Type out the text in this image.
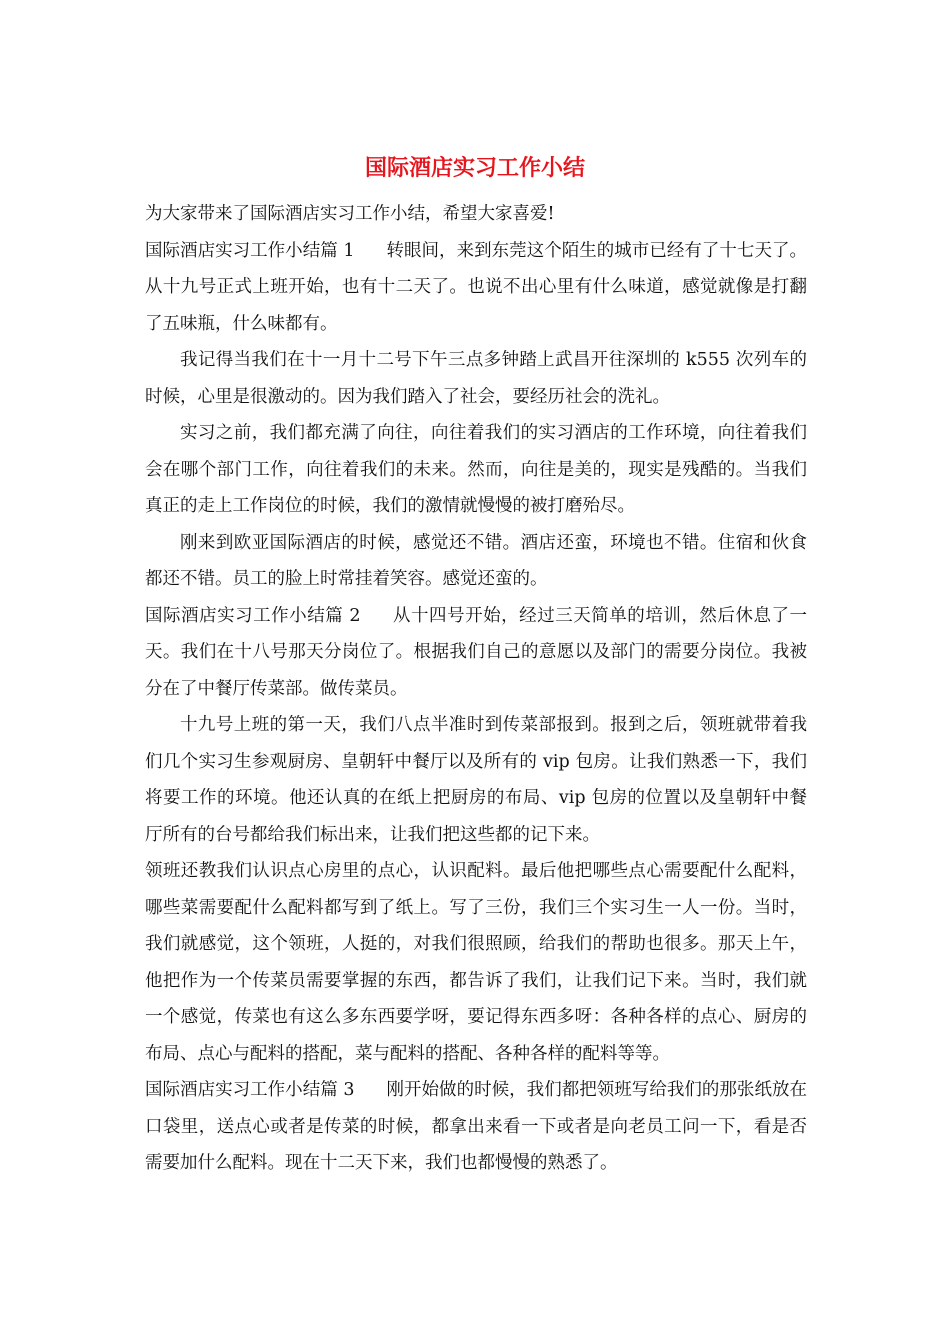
国际酒店实习工作小结

为大家带来了国际酒店实习工作小结，希望大家喜爱!

国际酒店实习工作小结篇 1 转眼间，来到东莞这个陌生的城市已经有了十七天了。从十九号正式上班开始，也有十二天了。也说不出心里有什么味道，感觉就像是打翻了五味瓶，什么味都有。

我记得当我们在十一月十二号下午三点多钟踏上武昌开往深圳的 k555 次列车的时候，心里是很激动的。因为我们踏入了社会，要经历社会的洗礼。

实习之前，我们都充满了向往，向往着我们的实习酒店的工作环境，向往着我们会在哪个部门工作，向往着我们的未来。然而，向往是美的，现实是残酷的。当我们真正的走上工作岗位的时候，我们的激情就慢慢的被打磨殆尽。

刚来到欧亚国际酒店的时候，感觉还不错。酒店还蛮，环境也不错。住宿和伙食都还不错。员工的脸上时常挂着笑容。感觉还蛮的。

国际酒店实习工作小结篇 2 从十四号开始，经过三天简单的培训，然后休息了一天。我们在十八号那天分岗位了。根据我们自己的意愿以及部门的需要分岗位。我被分在了中餐厅传菜部。做传菜员。

十九号上班的第一天，我们八点半准时到传菜部报到。报到之后，领班就带着我们几个实习生参观厨房、皇朝轩中餐厅以及所有的 vip 包房。让我们熟悉一下，我们将要工作的环境。他还认真的在纸上把厨房的布局、vip 包房的位置以及皇朝轩中餐厅所有的台号都给我们标出来，让我们把这些都的记下来。

领班还教我们认识点心房里的点心，认识配料。最后他把哪些点心需要配什么配料，哪些菜需要配什么配料都写到了纸上。写了三份，我们三个实习生一人一份。当时，我们就感觉，这个领班，人挺的，对我们很照顾，给我们的帮助也很多。那天上午，他把作为一个传菜员需要掌握的东西，都告诉了我们，让我们记下来。当时，我们就一个感觉，传菜也有这么多东西要学呀，要记得东西多呀：各种各样的点心、厨房的布局、点心与配料的搭配，菜与配料的搭配、各种各样的配料等等。

国际酒店实习工作小结篇 3 刚开始做的时候，我们都把领班写给我们的那张纸放在口袋里，送点心或者是传菜的时候，都拿出来看一下或者是向老员工问一下，看是否需要加什么配料。现在十二天下来，我们也都慢慢的熟悉了。
